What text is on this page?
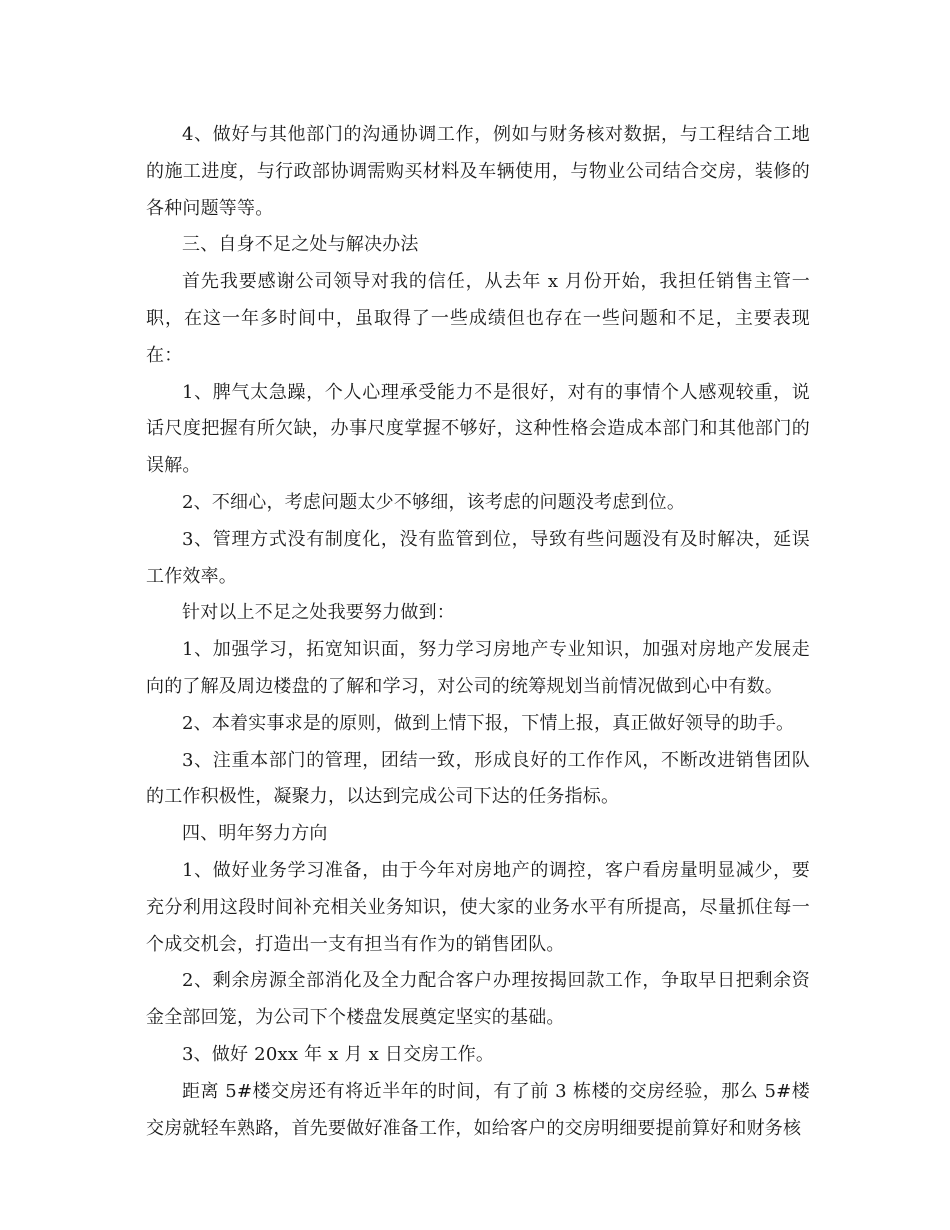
4、做好与其他部门的沟通协调工作，例如与财务核对数据，与工程结合工地的施工进度，与行政部协调需购买材料及车辆使用，与物业公司结合交房，装修的各种问题等等。

三、自身不足之处与解决办法

首先我要感谢公司领导对我的信任，从去年 x 月份开始，我担任销售主管一职，在这一年多时间中，虽取得了一些成绩但也存在一些问题和不足，主要表现在：

1、脾气太急躁，个人心理承受能力不是很好，对有的事情个人感观较重，说话尺度把握有所欠缺，办事尺度掌握不够好，这种性格会造成本部门和其他部门的误解。

2、不细心，考虑问题太少不够细，该考虑的问题没考虑到位。

3、管理方式没有制度化，没有监管到位，导致有些问题没有及时解决，延误工作效率。

针对以上不足之处我要努力做到：

1、加强学习，拓宽知识面，努力学习房地产专业知识，加强对房地产发展走向的了解及周边楼盘的了解和学习，对公司的统筹规划当前情况做到心中有数。

2、本着实事求是的原则，做到上情下报，下情上报，真正做好领导的助手。

3、注重本部门的管理，团结一致，形成良好的工作作风，不断改进销售团队的工作积极性，凝聚力，以达到完成公司下达的任务指标。

四、明年努力方向

1、做好业务学习准备，由于今年对房地产的调控，客户看房量明显减少，要充分利用这段时间补充相关业务知识，使大家的业务水平有所提高，尽量抓住每一个成交机会，打造出一支有担当有作为的销售团队。

2、剩余房源全部消化及全力配合客户办理按揭回款工作，争取早日把剩余资金全部回笼，为公司下个楼盘发展奠定坚实的基础。

3、做好 20xx 年 x 月 x 日交房工作。

距离 5#楼交房还有将近半年的时间，有了前 3 栋楼的交房经验，那么 5#楼交房就轻车熟路，首先要做好准备工作，如给客户的交房明细要提前算好和财务核
